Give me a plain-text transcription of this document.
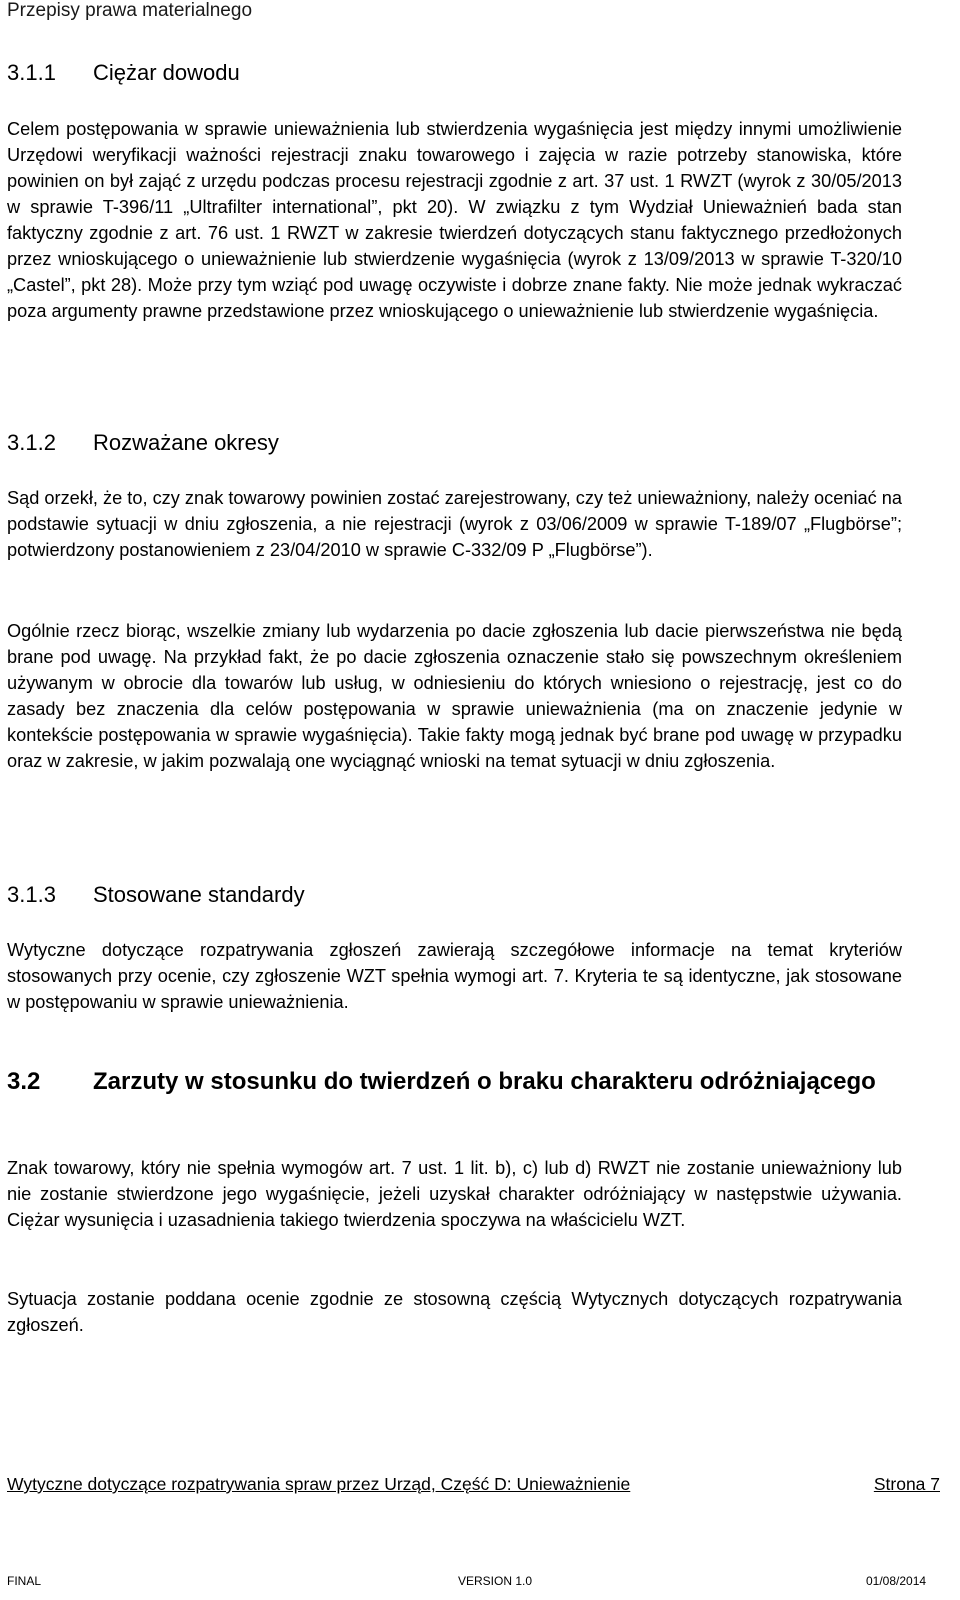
Przepisy prawa materialnego
3.1.1 Ciężar dowodu

Celem postępowania w sprawie unieważnienia lub stwierdzenia wygaśnięcia jest między innymi umożliwienie Urzędowi weryfikacji ważności rejestracji znaku towarowego i zajęcia w razie potrzeby stanowiska, które powinien on był zająć z urzędu podczas procesu rejestracji zgodnie z art. 37 ust. 1 RWZT (wyrok z 30/05/2013 w sprawie T-396/11 „Ultrafilter international”, pkt 20). W związku z tym Wydział Unieważnień bada stan faktyczny zgodnie z art. 76 ust. 1 RWZT w zakresie twierdzeń dotyczących stanu faktycznego przedłożonych przez wnioskującego o unieważnienie lub stwierdzenie wygaśnięcia (wyrok z 13/09/2013 w sprawie T-320/10 „Castel”, pkt 28). Może przy tym wziąć pod uwagę oczywiste i dobrze znane fakty. Nie może jednak wykraczać poza argumenty prawne przedstawione przez wnioskującego o unieważnienie lub stwierdzenie wygaśnięcia.

3.1.2 Rozważane okresy

Sąd orzekł, że to, czy znak towarowy powinien zostać zarejestrowany, czy też unieważniony, należy oceniać na podstawie sytuacji w dniu zgłoszenia, a nie rejestracji (wyrok z 03/06/2009 w sprawie T-189/07 „Flugbörse”; potwierdzony postanowieniem z 23/04/2010 w sprawie C-332/09 P „Flugbörse”).

Ogólnie rzecz biorąc, wszelkie zmiany lub wydarzenia po dacie zgłoszenia lub dacie pierwszeństwa nie będą brane pod uwagę. Na przykład fakt, że po dacie zgłoszenia oznaczenie stało się powszechnym określeniem używanym w obrocie dla towarów lub usług, w odniesieniu do których wniesiono o rejestrację, jest co do zasady bez znaczenia dla celów postępowania w sprawie unieważnienia (ma on znaczenie jedynie w kontekście postępowania w sprawie wygaśnięcia). Takie fakty mogą jednak być brane pod uwagę w przypadku oraz w zakresie, w jakim pozwalają one wyciągnąć wnioski na temat sytuacji w dniu zgłoszenia.

3.1.3 Stosowane standardy

Wytyczne dotyczące rozpatrywania zgłoszeń zawierają szczegółowe informacje na temat kryteriów stosowanych przy ocenie, czy zgłoszenie WZT spełnia wymogi art. 7. Kryteria te są identyczne, jak stosowane w postępowaniu w sprawie unieważnienia.

3.2 Zarzuty w stosunku do twierdzeń o braku charakteru odróżniającego

Znak towarowy, który nie spełnia wymogów art. 7 ust. 1 lit. b), c) lub d) RWZT nie zostanie unieważniony lub nie zostanie stwierdzone jego wygaśnięcie, jeżeli uzyskał charakter odróżniający w następstwie używania. Ciężar wysunięcia i uzasadnienia takiego twierdzenia spoczywa na właścicielu WZT.

Sytuacja zostanie poddana ocenie zgodnie ze stosowną częścią Wytycznych dotyczących rozpatrywania zgłoszeń.

Wytyczne dotyczące rozpatrywania spraw przez Urząd, Część D: Unieważnienie	Strona 7
FINAL	VERSION 1.0	01/08/2014
